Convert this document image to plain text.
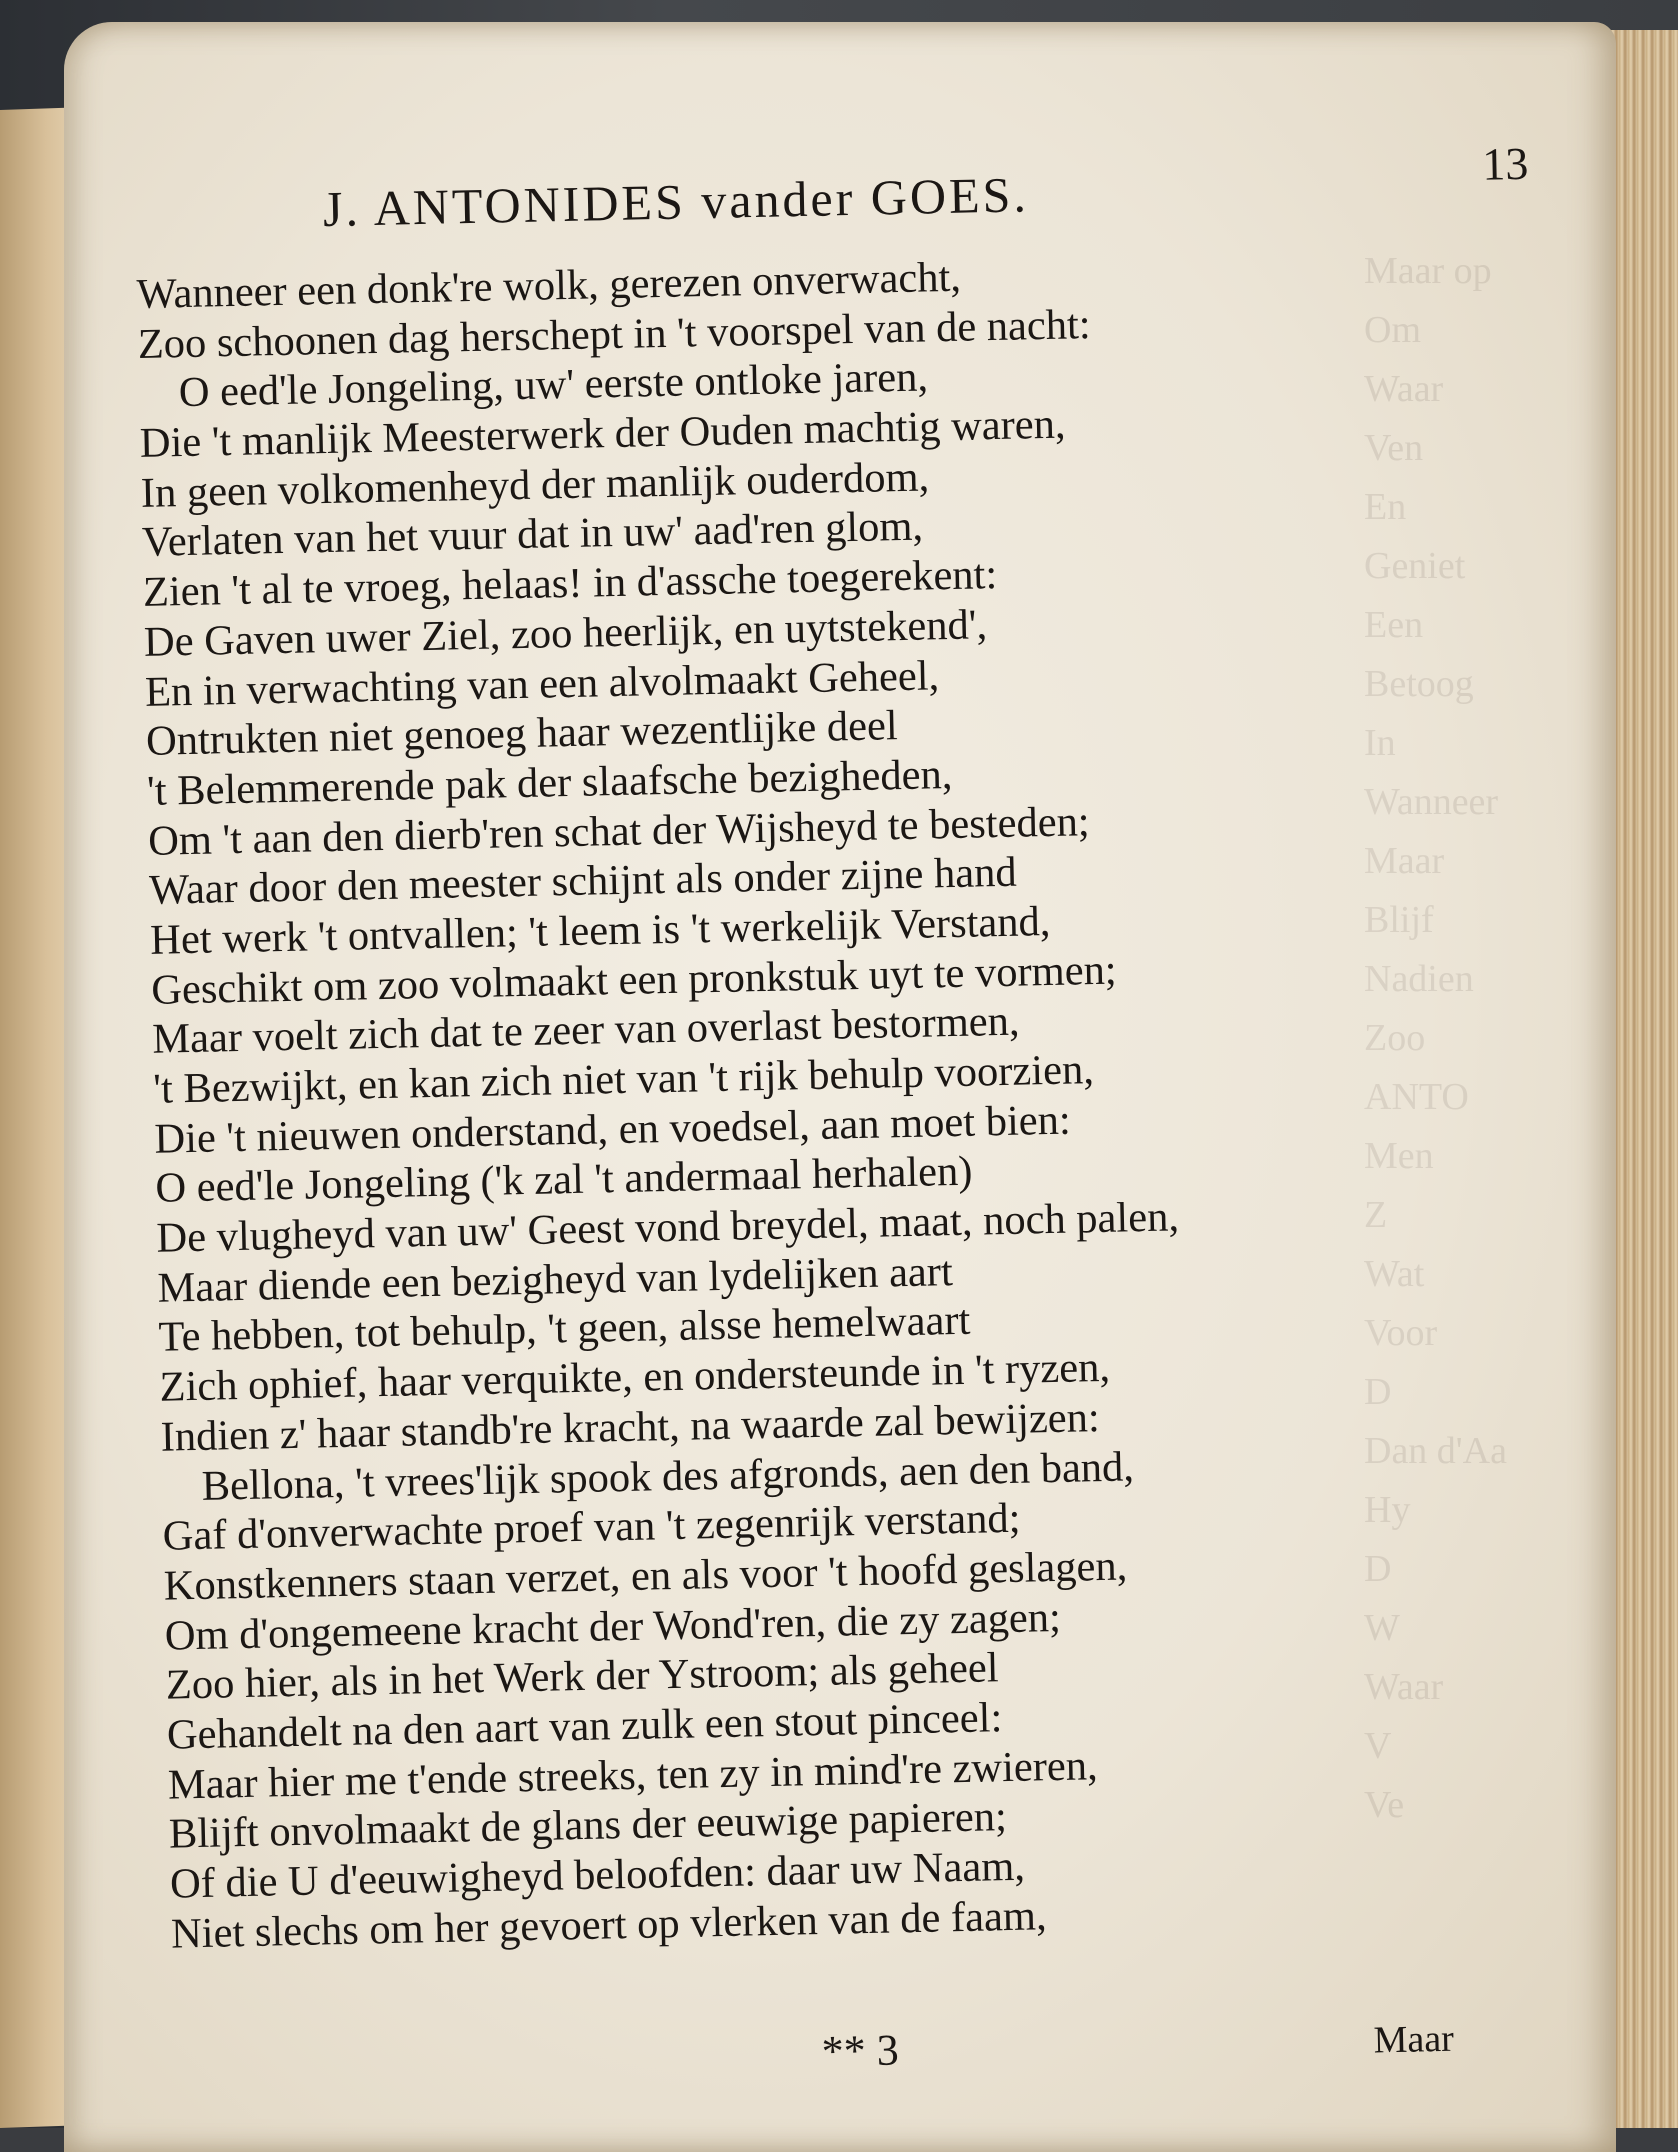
Maar op
Om
Waar
Ven
En
Geniet
Een
Betoog
In
Wanneer
Maar
Blijf
Nadien
Zoo
ANTO
Men
Z
Wat
Voor
D
Dan d'Aa
Hy
D
W
Waar
V
Ve
J. ANTONIDES vander GOES.
13
Wanneer een donk're wolk, gerezen onverwacht,
Zoo schoonen dag herschept in 't voorspel van de nacht:
O eed'le Jongeling, uw' eerste ontloke jaren,
Die 't manlijk Meesterwerk der Ouden machtig waren,
In geen volkomenheyd der manlijk ouderdom,
Verlaten van het vuur dat in uw' aad'ren glom,
Zien 't al te vroeg, helaas! in d'assche toegerekent:
De Gaven uwer Ziel, zoo heerlijk, en uytstekend',
En in verwachting van een alvolmaakt Geheel,
Ontrukten niet genoeg haar wezentlijke deel
't Belemmerende pak der slaafsche bezigheden,
Om 't aan den dierb'ren schat der Wijsheyd te besteden;
Waar door den meester schijnt als onder zijne hand
Het werk 't ontvallen; 't leem is 't werkelijk Verstand,
Geschikt om zoo volmaakt een pronkstuk uyt te vormen;
Maar voelt zich dat te zeer van overlast bestormen,
't Bezwijkt, en kan zich niet van 't rijk behulp voorzien,
Die 't nieuwen onderstand, en voedsel, aan moet bien:
O eed'le Jongeling ('k zal 't andermaal herhalen)
De vlugheyd van uw' Geest vond breydel, maat, noch palen,
Maar diende een bezigheyd van lydelijken aart
Te hebben, tot behulp, 't geen, alsse hemelwaart
Zich ophief, haar verquikte, en ondersteunde in 't ryzen,
Indien z' haar standb're kracht, na waarde zal bewijzen:
Bellona, 't vrees'lijk spook des afgronds, aen den band,
Gaf d'onverwachte proef van 't zegenrijk verstand;
Konstkenners staan verzet, en als voor 't hoofd geslagen,
Om d'ongemeene kracht der Wond'ren, die zy zagen;
Zoo hier, als in het Werk der Ystroom; als geheel
Gehandelt na den aart van zulk een stout pinceel:
Maar hier me t'ende streeks, ten zy in mind're zwieren,
Blijft onvolmaakt de glans der eeuwige papieren;
Of die U d'eeuwigheyd beloofden: daar uw Naam,
Niet slechs om her gevoert op vlerken van de faam,
** 3	Maar
